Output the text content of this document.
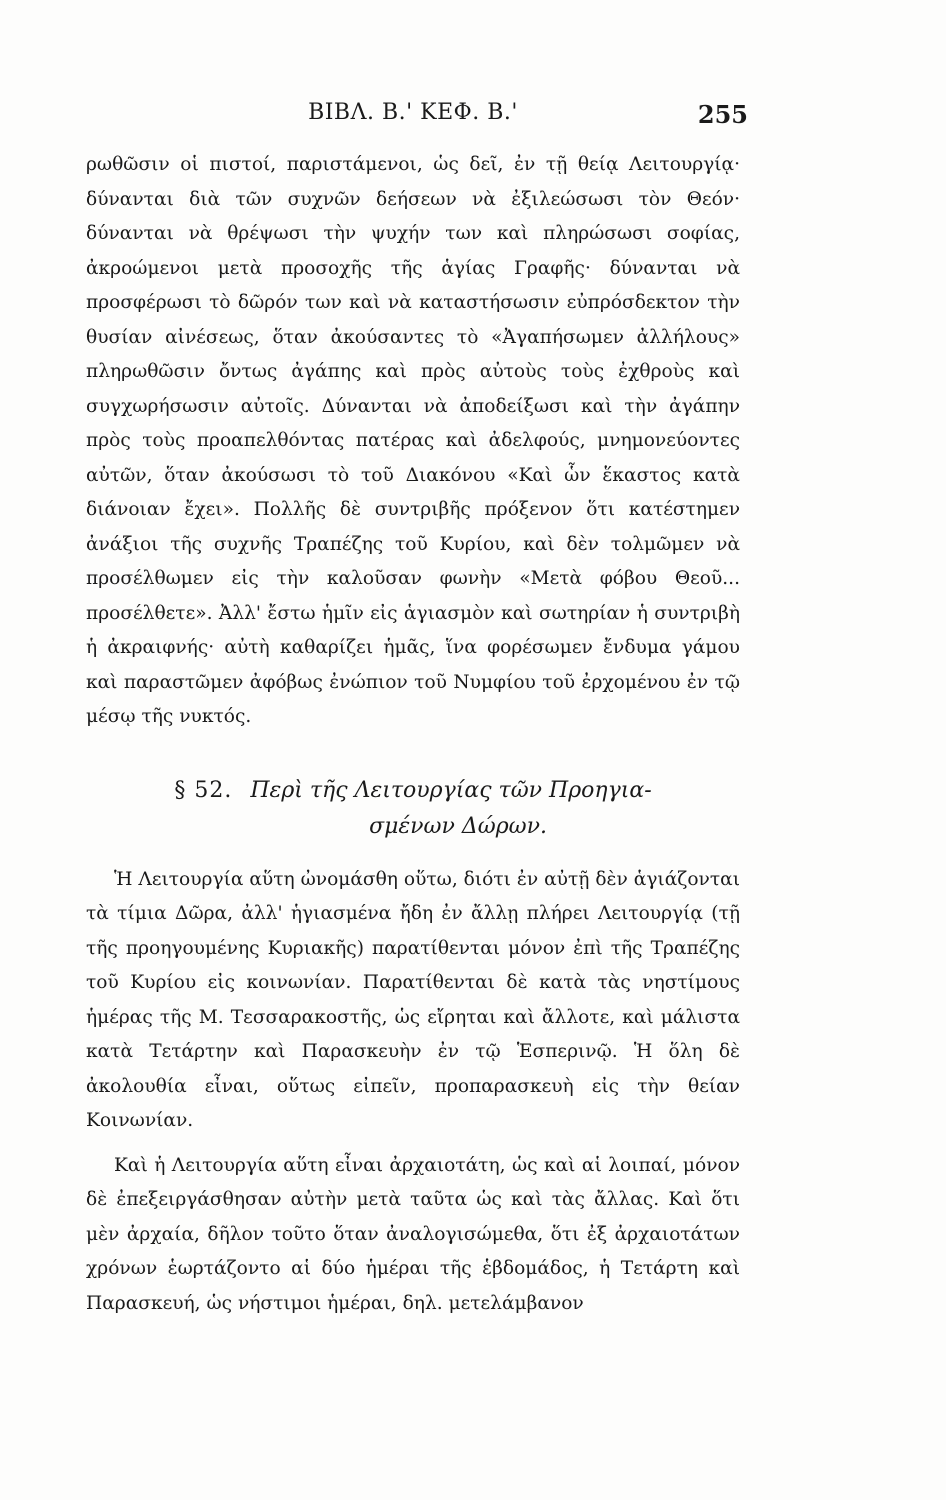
ΒΙΒΛ. Β.' ΚΕΦ. Β.'	255

ρωθῶσιν οἱ πιστοί, παριστάμενοι, ὡς δεῖ, ἐν τῇ θείᾳ Λειτουργίᾳ· δύνανται διὰ τῶν συχνῶν δεήσεων νὰ ἐξιλεώσωσι τὸν Θεόν· δύνανται νὰ θρέψωσι τὴν ψυχήν των καὶ πληρώσωσι σοφίας, ἀκροώμενοι μετὰ προσοχῆς τῆς ἁγίας Γραφῆς· δύνανται νὰ προσφέρωσι τὸ δῶρόν των καὶ νὰ καταστήσωσιν εὐπρόσδεκτον τὴν θυσίαν αἰνέσεως, ὅταν ἀκούσαντες τὸ «Ἀγαπήσωμεν ἀλλήλους» πληρωθῶσιν ὄντως ἀγάπης καὶ πρὸς αὐτοὺς τοὺς ἐχθροὺς καὶ συγχωρήσωσιν αὐτοῖς. Δύνανται νὰ ἀποδείξωσι καὶ τὴν ἀγάπην πρὸς τοὺς προαπελθόντας πατέρας καὶ ἀδελφούς, μνημονεύοντες αὐτῶν, ὅταν ἀκούσωσι τὸ τοῦ Διακόνου «Καὶ ὧν ἕκαστος κατὰ διάνοιαν ἔχει». Πολλῆς δὲ συντριβῆς πρόξενον ὅτι κατέστημεν ἀνάξιοι τῆς συχνῆς Τραπέζης τοῦ Κυρίου, καὶ δὲν τολμῶμεν νὰ προσέλθωμεν εἰς τὴν καλοῦσαν φωνὴν «Μετὰ φόβου Θεοῦ... προσέλθετε». Ἀλλ' ἔστω ἡμῖν εἰς ἁγιασμὸν καὶ σωτηρίαν ἡ συντριβὴ ἡ ἀκραιφνής· αὐτὴ καθαρίζει ἡμᾶς, ἵνα φορέσωμεν ἔνδυμα γάμου καὶ παραστῶμεν ἀφόβως ἐνώπιον τοῦ Νυμφίου τοῦ ἐρχομένου ἐν τῷ μέσῳ τῆς νυκτός.

§ 52. Περὶ τῆς Λειτουργίας τῶν Προηγια-
σμένων Δώρων.

Ἡ Λειτουργία αὕτη ὠνομάσθη οὕτω, διότι ἐν αὐτῇ δὲν ἁγιάζονται τὰ τίμια Δῶρα, ἀλλ' ἡγιασμένα ἤδη ἐν ἄλλῃ πλήρει Λειτουργίᾳ (τῇ τῆς προηγουμένης Κυριακῆς) παρατίθενται μόνον ἐπὶ τῆς Τραπέζης τοῦ Κυρίου εἰς κοινωνίαν. Παρατίθενται δὲ κατὰ τὰς νηστίμους ἡμέρας τῆς Μ. Τεσσαρακοστῆς, ὡς εἴρηται καὶ ἄλλοτε, καὶ μάλιστα κατὰ Τετάρτην καὶ Παρασκευὴν ἐν τῷ Ἑσπερινῷ. Ἡ ὅλη δὲ ἀκολουθία εἶναι, οὕτως εἰπεῖν, προπαρασκευὴ εἰς τὴν θείαν Κοινωνίαν.

Καὶ ἡ Λειτουργία αὕτη εἶναι ἀρχαιοτάτη, ὡς καὶ αἱ λοιπαί, μόνον δὲ ἐπεξειργάσθησαν αὐτὴν μετὰ ταῦτα ὡς καὶ τὰς ἄλλας. Καὶ ὅτι μὲν ἀρχαία, δῆλον τοῦτο ὅταν ἀναλογισώμεθα, ὅτι ἐξ ἀρχαιοτάτων χρόνων ἑωρτάζοντο αἱ δύο ἡμέραι τῆς ἑβδομάδος, ἡ Τετάρτη καὶ Παρασκευή, ὡς νήστιμοι ἡμέραι, δηλ. μετελάμβανον
